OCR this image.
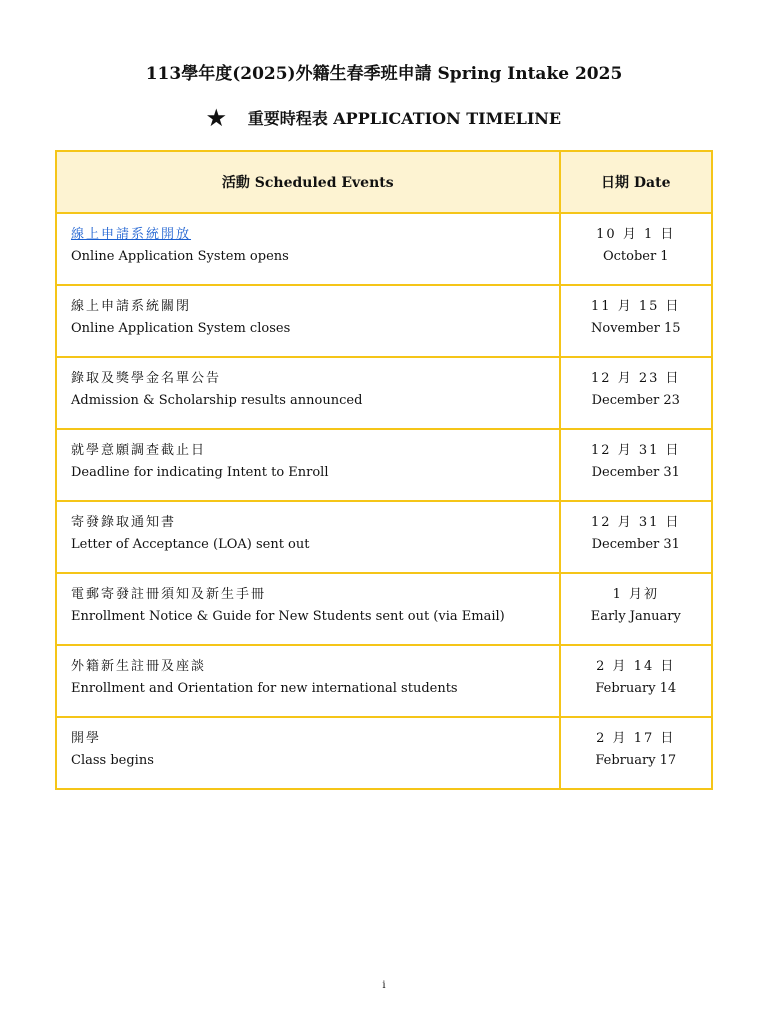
113學年度(2025)外籍生春季班申請 Spring Intake 2025
★ 重要時程表 APPLICATION TIMELINE
活動 Scheduled Events	日期 Date

線上申請系統開放
Online Application System opens	10 月 1 日
October 1

線上申請系統關閉
Online Application System closes	11 月 15 日
November 15

錄取及獎學金名單公告
Admission & Scholarship results announced	12 月 23 日
December 23

就學意願調查截止日
Deadline for indicating Intent to Enroll	12 月 31 日
December 31

寄發錄取通知書
Letter of Acceptance (LOA) sent out	12 月 31 日
December 31

電郵寄發註冊須知及新生手冊
Enrollment Notice & Guide for New Students sent out (via Email)	1 月初
Early January

外籍新生註冊及座談
Enrollment and Orientation for new international students	2 月 14 日
February 14

開學
Class begins	2 月 17 日
February 17
i
